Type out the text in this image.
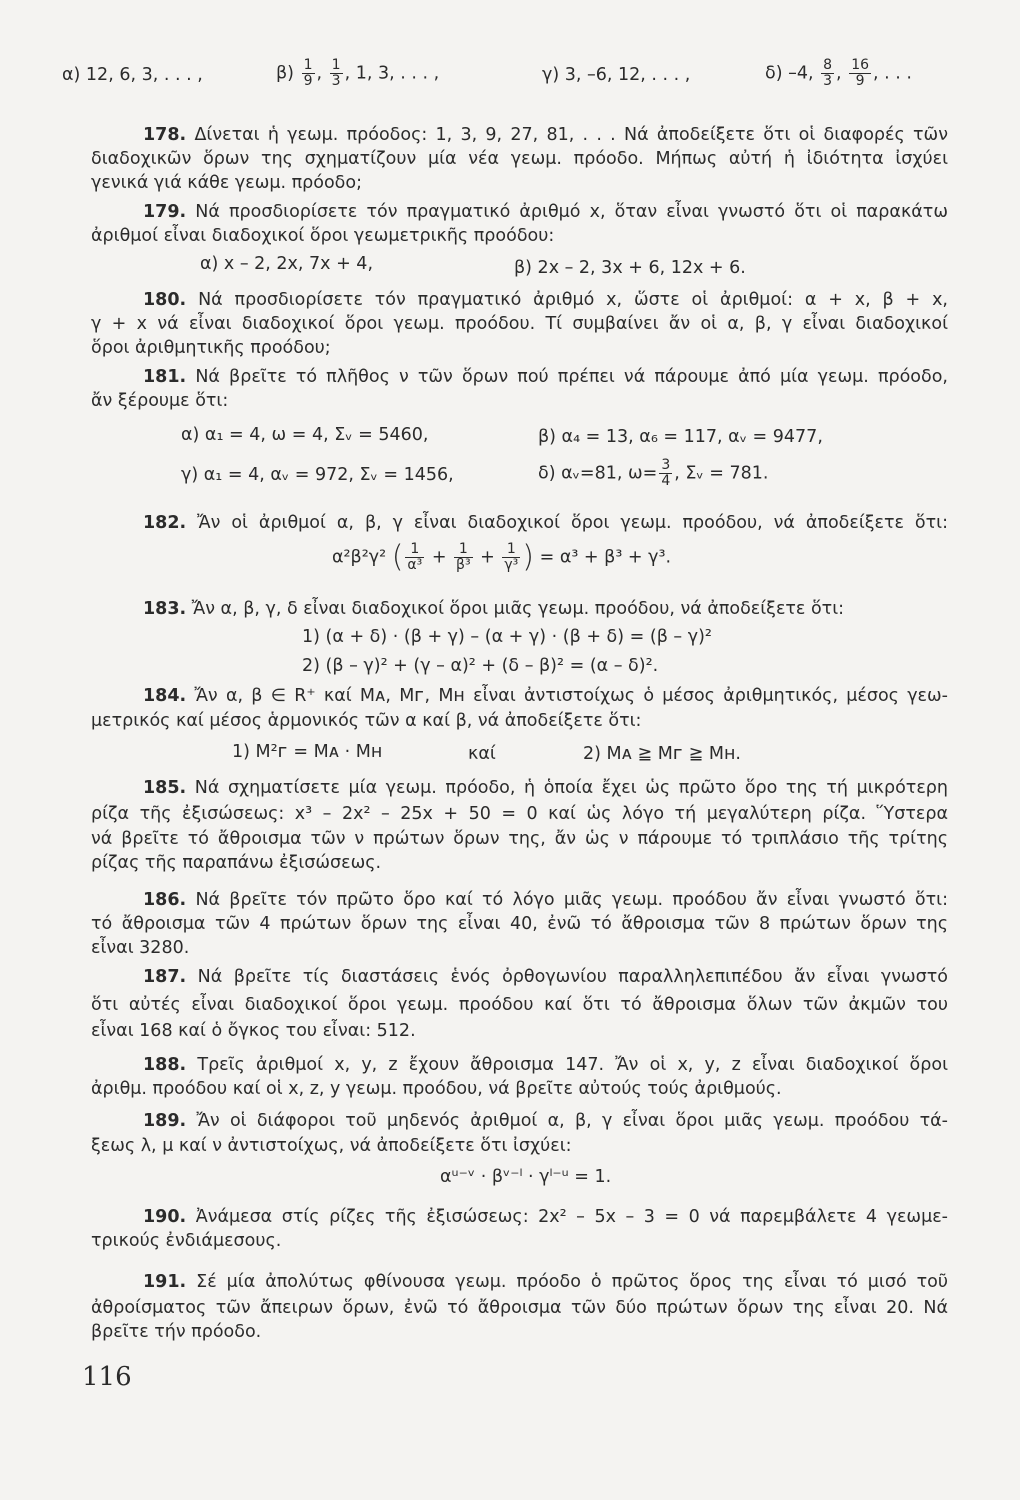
α) 12, 6, 3, . . . ,	$\beta) \frac{1}{9}$ , $\frac{1}{3}$ , 1, 3, . . . ,	γ) 3, –6, 12, . . . ,	δ) –4, $\frac{8}{3}$ , $\frac{16}{9}$ , . . .
178. Δίνεται ἡ γεωμ. πρόοδος: 1, 3, 9, 27, 81, . . . Νά ἀποδείξετε ὅτι οἱ διαφορές τῶν
διαδοχικῶν ὅρων της σχηματίζουν μία νέα γεωμ. πρόοδο. Μήπως αὐτή ἡ ἰδιότητα ἰσχύει
γενικά γιά κάθε γεωμ. πρόοδο;
179. Νά προσδιορίσετε τόν πραγματικό ἀριθμό x, ὅταν εἶναι γνωστό ὅτι οἱ παρακάτω
ἀριθμοί εἶναι διαδοχικοί ὅροι γεωμετρικῆς προόδου:
α) x – 2, 2x, 7x + 4,	β) 2x – 2, 3x + 6, 12x + 6.
180. Νά προσδιορίσετε τόν πραγματικό ἀριθμό x, ὥστε οἱ ἀριθμοί: α + x, β + x,
γ + x νά εἶναι διαδοχικοί ὅροι γεωμ. προόδου. Τί συμβαίνει ἄν οἱ α, β, γ εἶναι διαδοχικοί
ὅροι ἀριθμητικῆς προόδου;
181. Νά βρεῖτε τό πλῆθος ν τῶν ὅρων πού πρέπει νά πάρουμε ἀπό μία γεωμ. πρόοδο,
ἄν ξέρουμε ὅτι:
α) α₁ = 4, ω = 4, Σᵥ = 5460,	β) α₄ = 13, α₆ = 117, αᵥ = 9477,
γ) α₁ = 4, αᵥ = 972, Σᵥ = 1456,	δ) αᵥ=81, $\omega= \frac{3}{4}$ , Σᵥ = 781.
182. Ἄν οἱ ἀριθμοί α, β, γ εἶναι διαδοχικοί ὅροι γεωμ. προόδου, νά ἀποδείξετε ὅτι:
α²β²γ² ( $\frac{1}{\text{α³}} + \frac{1}{\text{β³}} + \frac{1}{\text{γ³}}$ ) = α³ + β³ + γ³.
183. Ἄν α, β, γ, δ εἶναι διαδοχικοί ὅροι μιᾶς γεωμ. προόδου, νά ἀποδείξετε ὅτι:
1) (α + δ) · (β + γ) – (α + γ) · (β + δ) = (β – γ)²
2) (β – γ)² + (γ – α)² + (δ – β)² = (α – δ)².
184. Ἄν α, β ∈ R⁺ καί Mᴀ, Mᴦ, Mʜ εἶναι ἀντιστοίχως ὁ μέσος ἀριθμητικός, μέσος γεω-
μετρικός καί μέσος ἁρμονικός τῶν α καί β, νά ἀποδείξετε ὅτι:
1) M²ᴦ = Mᴀ · Mʜ	καί	2) Mᴀ ≧ Mᴦ ≧ Mʜ.
185. Νά σχηματίσετε μία γεωμ. πρόοδο, ἡ ὁποία ἔχει ὡς πρῶτο ὅρο της τή μικρότερη
ρίζα τῆς ἐξισώσεως: x³ – 2x² – 25x + 50 = 0 καί ὡς λόγο τή μεγαλύτερη ρίζα. Ὕστερα
νά βρεῖτε τό ἄθροισμα τῶν ν πρώτων ὅρων της, ἄν ὡς ν πάρουμε τό τριπλάσιο τῆς τρίτης
ρίζας τῆς παραπάνω ἐξισώσεως.
186. Νά βρεῖτε τόν πρῶτο ὅρο καί τό λόγο μιᾶς γεωμ. προόδου ἄν εἶναι γνωστό ὅτι:
τό ἄθροισμα τῶν 4 πρώτων ὅρων της εἶναι 40, ἐνῶ τό ἄθροισμα τῶν 8 πρώτων ὅρων της
εἶναι 3280.
187. Νά βρεῖτε τίς διαστάσεις ἑνός ὀρθογωνίου παραλληλεπιπέδου ἄν εἶναι γνωστό
ὅτι αὐτές εἶναι διαδοχικοί ὅροι γεωμ. προόδου καί ὅτι τό ἄθροισμα ὅλων τῶν ἀκμῶν του
εἶναι 168 καί ὁ ὄγκος του εἶναι: 512.
188. Τρεῖς ἀριθμοί x, y, z ἔχουν ἄθροισμα 147. Ἄν οἱ x, y, z εἶναι διαδοχικοί ὅροι
ἀριθμ. προόδου καί οἱ x, z, y γεωμ. προόδου, νά βρεῖτε αὐτούς τούς ἀριθμούς.
189. Ἄν οἱ διάφοροι τοῦ μηδενός ἀριθμοί α, β, γ εἶναι ὅροι μιᾶς γεωμ. προόδου τά-
ξεως λ, μ καί ν ἀντιστοίχως, νά ἀποδείξετε ὅτι ἰσχύει:
αᵘ⁻ᵛ · βᵛ⁻ˡ · γˡ⁻ᵘ = 1.
190. Ἀνάμεσα στίς ρίζες τῆς ἐξισώσεως: 2x² – 5x – 3 = 0 νά παρεμβάλετε 4 γεωμε-
τρικούς ἐνδιάμεσους.
191. Σέ μία ἀπολύτως φθίνουσα γεωμ. πρόοδο ὁ πρῶτος ὅρος της εἶναι τό μισό τοῦ
ἀθροίσματος τῶν ἄπειρων ὅρων, ἐνῶ τό ἄθροισμα τῶν δύο πρώτων ὅρων της εἶναι 20. Νά
βρεῖτε τήν πρόοδο.
116
